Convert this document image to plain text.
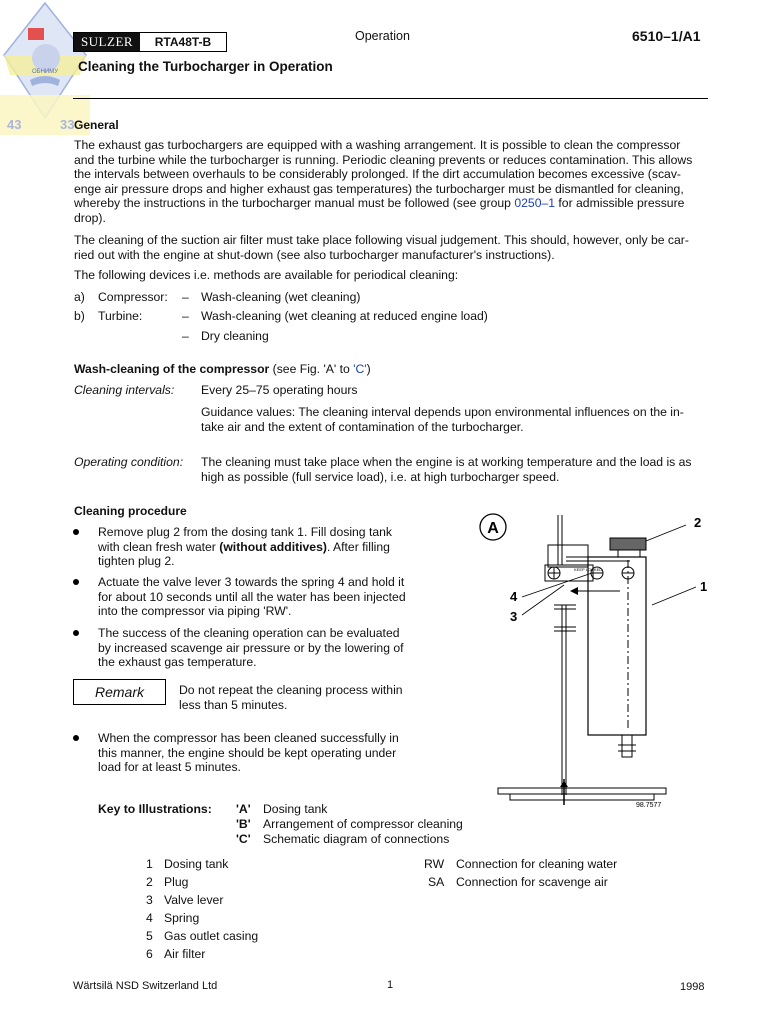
ОБНИМУ
43	33
SULZER	RTA48T-B	Operation	6510–1/A1
Cleaning the Turbocharger in Operation
General
The exhaust gas turbochargers are equipped with a washing arrangement. It is possible to clean the compressor
and the turbine while the turbocharger is running. Periodic cleaning prevents or reduces contamination. This allows
the intervals between overhauls to be considerably prolonged. If the dirt accumulation becomes excessive (scav-
enge air pressure drops and higher exhaust gas temperatures) the turbocharger must be dismantled for cleaning,
whereby the instructions in the turbocharger manual must be followed (see group 0250–1 for admissible pressure
drop).
The cleaning of the suction air filter must take place following visual judgement. This should, however, only be car-
ried out with the engine at shut-down (see also turbocharger manufacturer's instructions).
The following devices i.e. methods are available for periodical cleaning:
a) Compressor: – Wash-cleaning (wet cleaning)
b) Turbine:	– Wash-cleaning (wet cleaning at reduced engine load)
– Dry cleaning
Wash-cleaning of the compressor (see Fig. 'A' to 'C')
Cleaning intervals: Every 25–75 operating hours
Guidance values: The cleaning interval depends upon environmental influences on the in-
take air and the extent of contamination of the turbocharger.
Operating condition: The cleaning must take place when the engine is at working temperature and the load is as
high as possible (full service load), i.e. at high turbocharger speed.
Cleaning procedure
Remove plug 2 from the dosing tank 1. Fill dosing tank
with clean fresh water (without additives). After filling
tighten plug 2.
Actuate the valve lever 3 towards the spring 4 and hold it
for about 10 seconds until all the water has been injected
into the compressor via piping 'RW'.
The success of the cleaning operation can be evaluated
by increased scavenge air pressure or by the lowering of
the exhaust gas temperature.
Remark	Do not repeat the cleaning process within
less than 5 minutes.
When the compressor has been cleaned successfully in
this manner, the engine should be kept operating under
load for at least 5 minutes.
A
KEEP LOCKED
2
1
4
3
98.7577
Key to Illustrations: 'A' Dosing tank
'B' Arrangement of compressor cleaning
'C' Schematic diagram of connections
1 Dosing tank
2 Plug
3 Valve lever
4 Spring
5 Gas outlet casing
6 Air filter
RW Connection for cleaning water
SA Connection for scavenge air
Wärtsilä NSD Switzerland Ltd	1	1998
